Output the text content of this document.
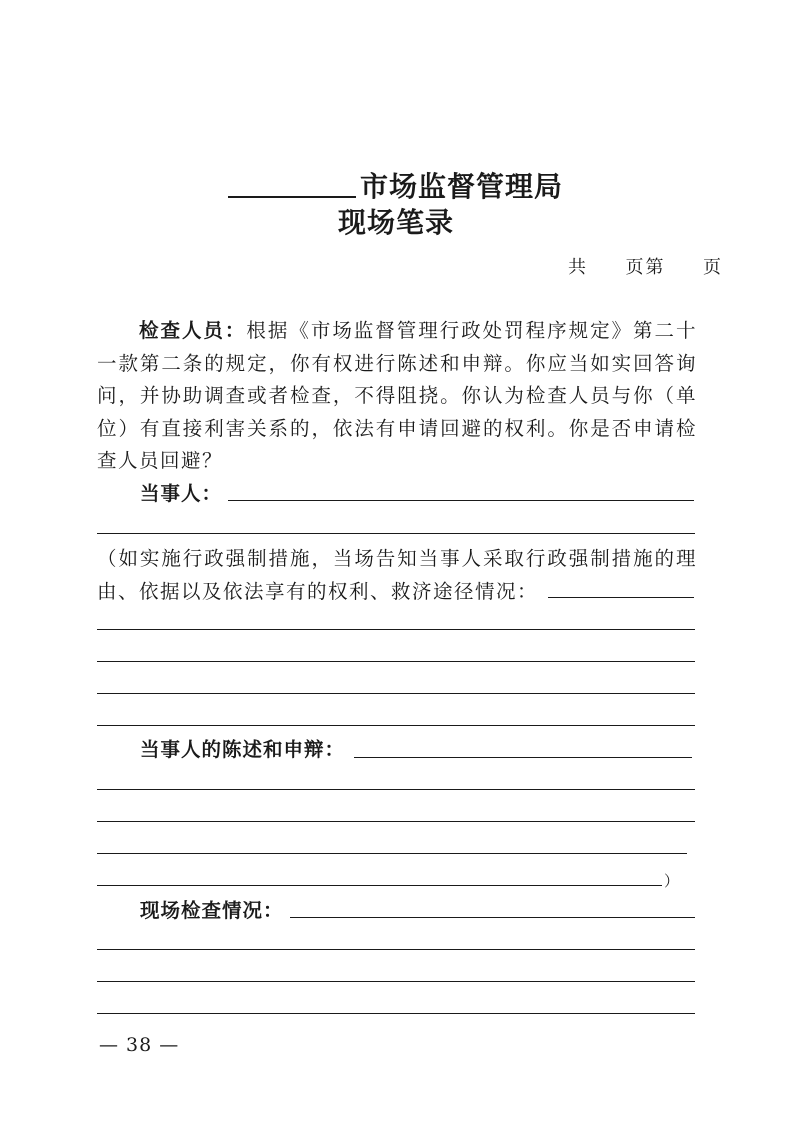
市场监督管理局
现场笔录
共 页第 页
检查人员：根据《市场监督管理行政处罚程序规定》第二十一款第二条的规定，你有权进行陈述和申辩。你应当如实回答询问，并协助调查或者检查，不得阻挠。你认为检查人员与你（单位）有直接利害关系的，依法有申请回避的权利。你是否申请检查人员回避？
当事人：
（如实施行政强制措施，当场告知当事人采取行政强制措施的理由、依据以及依法享有的权利、救济途径情况：
当事人的陈述和申辩：
）
现场检查情况：
— 38 —
